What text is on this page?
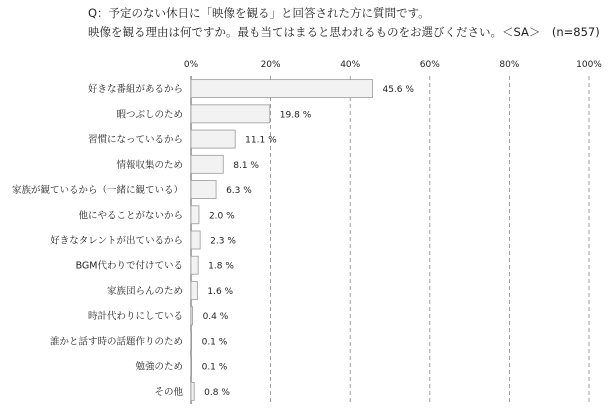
Q：予定のない休日に「映像を観る」と回答された方に質問です。
映像を観る理由は何ですか。最も当てはまると思われるものをお選びください。＜SA＞　(n=857)
0%	20%	40%	60%	80%	100%
好きな番組があるから	45.6 %
暇つぶしのため	19.8 %
習慣になっているから	11.1 %
情報収集のため	8.1 %
家族が観ているから（一緒に観ている）	6.3 %
他にやることがないから	2.0 %
好きなタレントが出ているから	2.3 %
BGM代わりで付けている	1.8 %
家族団らんのため	1.6 %
時計代わりにしている 0.4 %
誰かと話す時の話題作りのため 0.1 %
勉強のため 0.1 %
その他 0.8 %
